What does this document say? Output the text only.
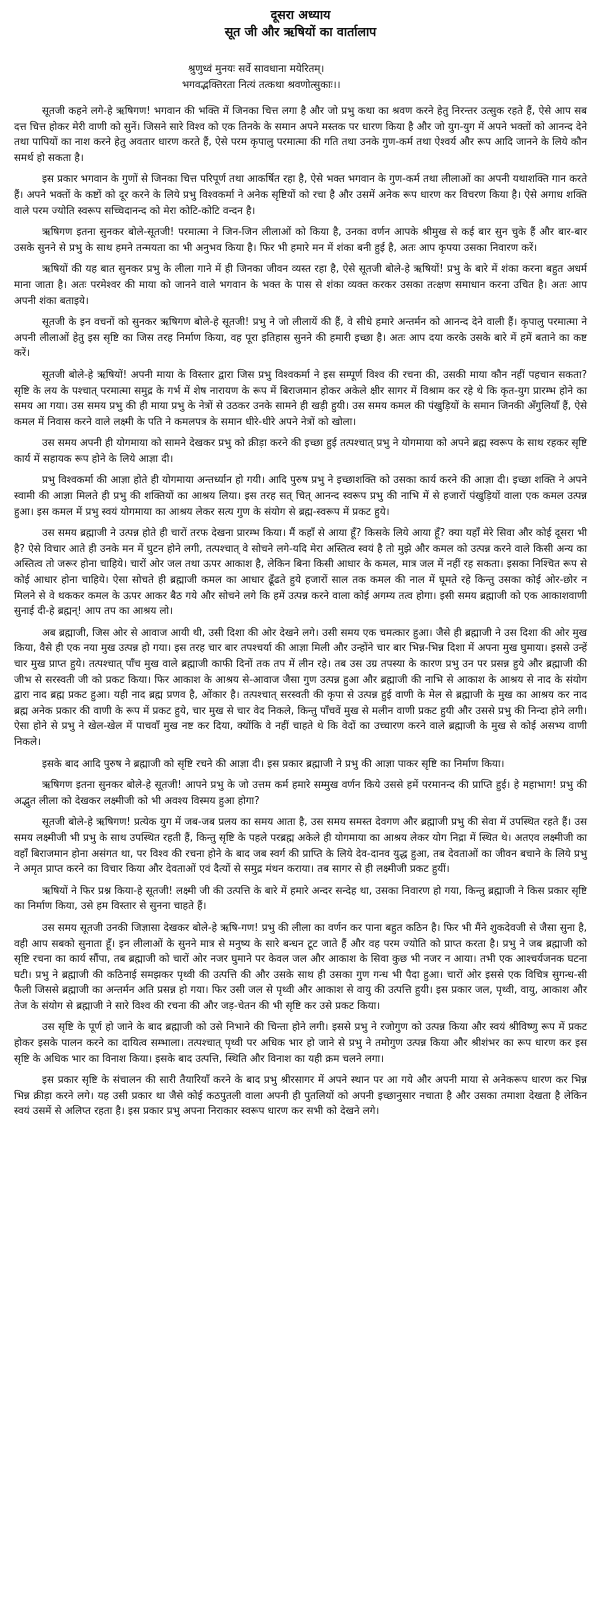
दूसरा अध्याय
सूत जी और ऋषियों का वार्तालाप
श्रुणुध्वं मुनयः सर्वे सावधाना मयेरितम्।
भगवद्भक्तिरता नित्यं तत्कथा श्रवणोत्सुकाः।।

सूतजी कहने लगे-हे ऋषिगण! भगवान की भक्ति में जिनका चित्त लगा है और जो प्रभु कथा का श्रवण करने हेतु निरन्तर उत्सुक रहते हैं, ऐसे आप सब दत्त चित्त होकर मेरी वाणी को सुनें। जिसने सारे विश्व को एक तिनके के समान अपने मस्तक पर धारण किया है और जो युग-युग में अपने भक्तों को आनन्द देने तथा पापियों का नाश करने हेतु अवतार धारण करते हैं, ऐसे परम कृपालु परमात्मा की गति तथा उनके गुण-कर्म तथा ऐश्वर्य और रूप आदि जानने के लिये कौन समर्थ हो सकता है।

इस प्रकार भगवान के गुणों से जिनका चित्त परिपूर्ण तथा आकर्षित रहा है, ऐसे भक्त भगवान के गुण-कर्म तथा लीलाओं का अपनी यथाशक्ति गान करते हैं। अपने भक्तों के कष्टों को दूर करने के लिये प्रभु विश्वकर्मा ने अनेक सृष्टियों को रचा है और उसमें अनेक रूप धारण कर विचरण किया है। ऐसे अगाध शक्ति वाले परम ज्योति स्वरूप सच्चिदानन्द को मेरा कोटि-कोटि वन्दन है।

ऋषिगण इतना सुनकर बोले-सूतजी! परमात्मा ने जिन-जिन लीलाओं को किया है, उनका वर्णन आपके श्रीमुख से कई बार सुन चुके हैं और बार-बार उसके सुनने से प्रभु के साथ हमने तन्मयता का भी अनुभव किया है। फिर भी हमारे मन में शंका बनी हुई है, अतः आप कृपया उसका निवारण करें।

ऋषियों की यह बात सुनकर प्रभु के लीला गाने में ही जिनका जीवन व्यस्त रहा है, ऐसे सूतजी बोले-हे ऋषियों! प्रभु के बारे में शंका करना बहुत अधर्म माना जाता है। अतः परमेश्वर की माया को जानने वाले भगवान के भक्त के पास से शंका व्यक्त करकर उसका तत्क्षण समाधान करना उचित है। अतः आप अपनी शंका बताइये।

सूतजी के इन वचनों को सुनकर ऋषिगण बोले-हे सूतजी! प्रभु ने जो लीलायें की हैं, वे सीधे हमारे अन्तर्मन को आनन्द देने वाली हैं। कृपालु परमात्मा ने अपनी लीलाओं हेतु इस सृष्टि का जिस तरह निर्माण किया, वह पूरा इतिहास सुनने की हमारी इच्छा है। अतः आप दया करके उसके बारे में हमें बताने का कष्ट करें।

सूतजी बोले-हे ऋषियों! अपनी माया के विस्तार द्वारा जिस प्रभु विश्वकर्मा ने इस सम्पूर्ण विश्व की रचना की, उसकी माया कौन नहीं पहचान सकता? सृष्टि के लय के पश्चात् परमात्मा समुद्र के गर्भ में शेष नारायण के रूप में बिराजमान होकर अकेले क्षीर सागर में विश्राम कर रहे थे कि कृत-युग प्रारम्भ होने का समय आ गया। उस समय प्रभु की ही माया प्रभु के नेत्रों से उठकर उनके सामने ही खड़ी हुयी। उस समय कमल की पंखुड़ियों के समान जिनकी अँगुलियाँ हैं, ऐसे कमल में निवास करने वाले लक्ष्मी के पति ने कमलपत्र के समान धीरे-धीरे अपने नेत्रों को खोला।

उस समय अपनी ही योगमाया को सामने देखकर प्रभु को क्रीड़ा करने की इच्छा हुई तत्पश्चात् प्रभु ने योगमाया को अपने ब्रह्म स्वरूप के साथ रहकर सृष्टि कार्य में सहायक रूप होने के लिये आज्ञा दी।

प्रभु विश्वकर्मा की आज्ञा होते ही योगमाया अन्तर्ध्यान हो गयी। आदि पुरुष प्रभु ने इच्छाशक्ति को उसका कार्य करने की आज्ञा दी। इच्छा शक्ति ने अपने स्वामी की आज्ञा मिलते ही प्रभु की शक्तियों का आश्रय लिया। इस तरह सत् चित् आनन्द स्वरूप प्रभु की नाभि में से हजारों पंखुड़ियों वाला एक कमल उत्पन्न हुआ। इस कमल में प्रभु स्वयं योगमाया का आश्रय लेकर सत्य गुण के संयोग से ब्रह्म-स्वरूप में प्रकट हुये।

उस समय ब्रह्माजी ने उत्पन्न होते ही चारों तरफ देखना प्रारम्भ किया। मैं कहाँ से आया हूँ? किसके लिये आया हूँ? क्या यहाँ मेरे सिवा और कोई दूसरा भी है? ऐसे विचार आते ही उनके मन में घुटन होने लगी, तत्पश्चात् वे सोचने लगे-यदि मेरा अस्तित्व स्वयं है तो मुझे और कमल को उत्पन्न करने वाले किसी अन्य का अस्तित्व तो जरूर होना चाहिये। चारों ओर जल तथा ऊपर आकाश है, लेकिन बिना किसी आधार के कमल, मात्र जल में नहीं रह सकता। इसका निश्चित रूप से कोई आधार होना चाहिये। ऐसा सोचते ही ब्रह्माजी कमल का आधार ढूँढते हुये हजारों साल तक कमल की नाल में घूमते रहे किन्तु उसका कोई ओर-छोर न मिलने से वे थककर कमल के ऊपर आकर बैठ गये और सोचने लगे कि हमें उत्पन्न करने वाला कोई अगम्य तत्व होगा। इसी समय ब्रह्माजी को एक आकाशवाणी सुनाई दी-हे ब्रह्मन्! आप तप का आश्रय लो।

अब ब्रह्माजी, जिस ओर से आवाज आयी थी, उसी दिशा की ओर देखने लगे। उसी समय एक चमत्कार हुआ। जैसे ही ब्रह्माजी ने उस दिशा की ओर मुख किया, वैसे ही एक नया मुख उत्पन्न हो गया। इस तरह चार बार तपश्चर्या की आज्ञा मिली और उन्होंने चार बार भिन्न-भिन्न दिशा में अपना मुख घुमाया। इससे उन्हें चार मुख प्राप्त हुये। तत्पश्चात् पाँच मुख वाले ब्रह्माजी काफी दिनों तक तप में लीन रहे। तब उस उग्र तपस्या के कारण प्रभु उन पर प्रसन्न हुये और ब्रह्माजी की जीभ से सरस्वती जी को प्रकट किया। फिर आकाश के आश्रय से-आवाज जैसा गुण उत्पन्न हुआ और ब्रह्माजी की नाभि से आकाश के आश्रय से नाद के संयोग द्वारा नाद ब्रह्म प्रकट हुआ। यही नाद ब्रह्म प्रणव है, ओंकार है। तत्पश्चात् सरस्वती की कृपा से उत्पन्न हुई वाणी के मेल से ब्रह्माजी के मुख का आश्रय कर नाद ब्रह्म अनेक प्रकार की वाणी के रूप में प्रकट हुये, चार मुख से चार वेद निकले, किन्तु पाँचवें मुख से मलीन वाणी प्रकट हुयी और उससे प्रभु की निन्दा होने लगी। ऐसा होने से प्रभु ने खेल-खेल में पाचवाँ मुख नष्ट कर दिया, क्योंकि वे नहीं चाहते थे कि वेदों का उच्चारण करने वाले ब्रह्माजी के मुख से कोई असभ्य वाणी निकले।

इसके बाद आदि पुरुष ने ब्रह्माजी को सृष्टि रचने की आज्ञा दी। इस प्रकार ब्रह्माजी ने प्रभु की आज्ञा पाकर सृष्टि का निर्माण किया।

ऋषिगण इतना सुनकर बोले-हे सूतजी! आपने प्रभु के जो उत्तम कर्म हमारे सम्मुख वर्णन किये उससे हमें परमानन्द की प्राप्ति हुई। हे महाभाग! प्रभु की अद्भुत लीला को देखकर लक्ष्मीजी को भी अवश्य विस्मय हुआ होगा?

सूतजी बोले-हे ऋषिगण! प्रत्येक युग में जब-जब प्रलय का समय आता है, उस समय समस्त देवगण और ब्रह्माजी प्रभु की सेवा में उपस्थित रहते हैं। उस समय लक्ष्मीजी भी प्रभु के साथ उपस्थित रहती हैं, किन्तु सृष्टि के पहले परब्रह्म अकेले ही योगमाया का आश्रय लेकर योग निद्रा में स्थित थे। अतएव लक्ष्मीजी का वहाँ बिराजमान होना असंगत था, पर विश्व की रचना होने के बाद जब स्वर्ग की प्राप्ति के लिये देव-दानव युद्ध हुआ, तब देवताओं का जीवन बचाने के लिये प्रभु ने अमृत प्राप्त करने का विचार किया और देवताओं एवं दैत्यों से समुद्र मंथन कराया। तब सागर से ही लक्ष्मीजी प्रकट हुयीं।

ऋषियों ने फिर प्रश्न किया-हे सूतजी! लक्ष्मी जी की उत्पत्ति के बारे में हमारे अन्दर सन्देह था, उसका निवारण हो गया, किन्तु ब्रह्माजी ने किस प्रकार सृष्टि का निर्माण किया, उसे हम विस्तार से सुनना चाहते हैं।

उस समय सूतजी उनकी जिज्ञासा देखकर बोले-हे ऋषि-गण! प्रभु की लीला का वर्णन कर पाना बहुत कठिन है। फिर भी मैंने शुकदेवजी से जैसा सुना है, वही आप सबको सुनाता हूँ। इन लीलाओं के सुनने मात्र से मनुष्य के सारे बन्धन टूट जाते हैं और वह परम ज्योति को प्राप्त करता है। प्रभु ने जब ब्रह्माजी को सृष्टि रचना का कार्य सौंपा, तब ब्रह्माजी को चारों ओर नजर घुमाने पर केवल जल और आकाश के सिवा कुछ भी नजर न आया। तभी एक आश्चर्यजनक घटना घटी। प्रभु ने ब्रह्माजी की कठिनाई समझकर पृथ्वी की उत्पत्ति की और उसके साथ ही उसका गुण गन्ध भी पैदा हुआ। चारों ओर इससे एक विचित्र सुगन्ध-सी फैली जिससे ब्रह्माजी का अन्तर्मन अति प्रसन्न हो गया। फिर उसी जल से पृथ्वी और आकाश से वायु की उत्पत्ति हुयी। इस प्रकार जल, पृथ्वी, वायु, आकाश और तेज के संयोग से ब्रह्माजी ने सारे विश्व की रचना की और जड़-चेतन की भी सृष्टि कर उसे प्रकट किया।

उस सृष्टि के पूर्ण हो जाने के बाद ब्रह्माजी को उसे निभाने की चिन्ता होने लगी। इससे प्रभु ने रजोगुण को उत्पन्न किया और स्वयं श्रीविष्णु रूप में प्रकट होकर इसके पालन करने का दायित्व सम्भाला। तत्पश्चात् पृथ्वी पर अधिक भार हो जाने से प्रभु ने तमोगुण उत्पन्न किया और श्रीशंभर का रूप धारण कर इस सृष्टि के अधिक भार का विनाश किया। इसके बाद उत्पत्ति, स्थिति और विनाश का यही क्रम चलने लगा।

इस प्रकार सृष्टि के संचालन की सारी तैयारियाँ करने के बाद प्रभु श्रीरसागर में अपने स्थान पर आ गये और अपनी माया से अनेकरूप धारण कर भिन्न भिन्न क्रीड़ा करने लगे। यह उसी प्रकार था जैसे कोई कठपुतली वाला अपनी ही पुतलियों को अपनी इच्छानुसार नचाता है और उसका तमाशा देखता है लेकिन स्वयं उसमें से अलिप्त रहता है। इस प्रकार प्रभु अपना निराकार स्वरूप धारण कर सभी को देखने लगे।
